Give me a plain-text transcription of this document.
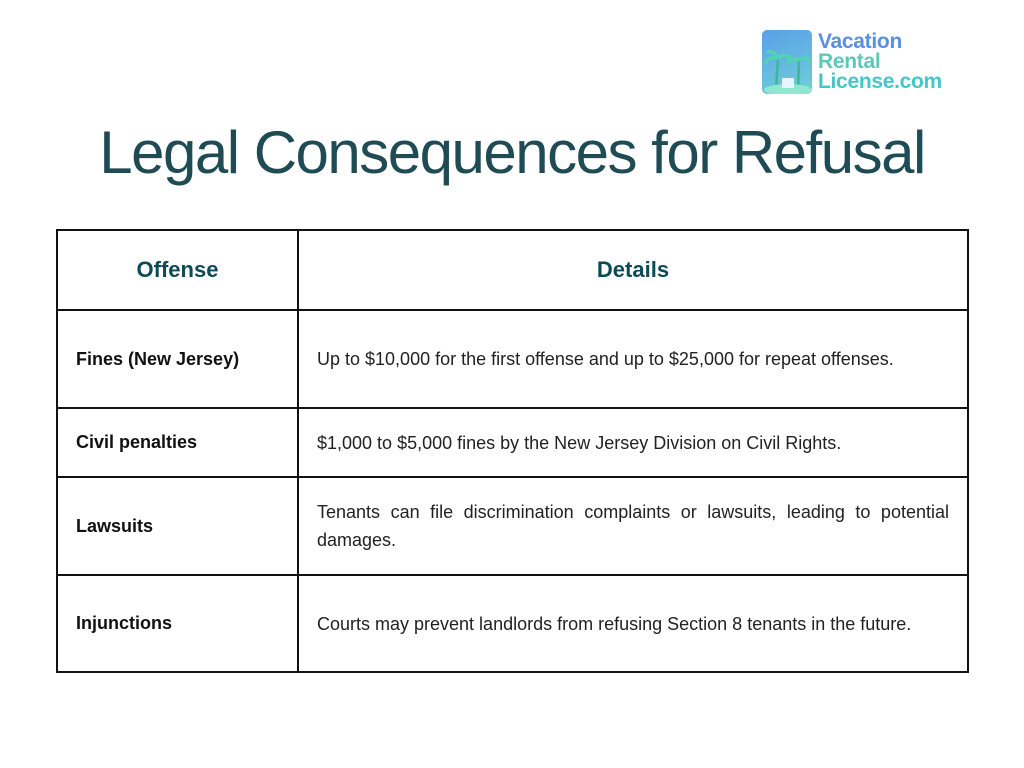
Vacation
Rental
License.com
Legal Consequences for Refusal
Offense	Details
Fines (New Jersey)	Up to $10,000 for the first offense and up to $25,000 for repeat offenses.
Civil penalties	$1,000 to $5,000 fines by the New Jersey Division on Civil Rights.
Lawsuits	Tenants can file discrimination complaints or lawsuits, leading to potential damages.
Injunctions	Courts may prevent landlords from refusing Section 8 tenants in the future.
